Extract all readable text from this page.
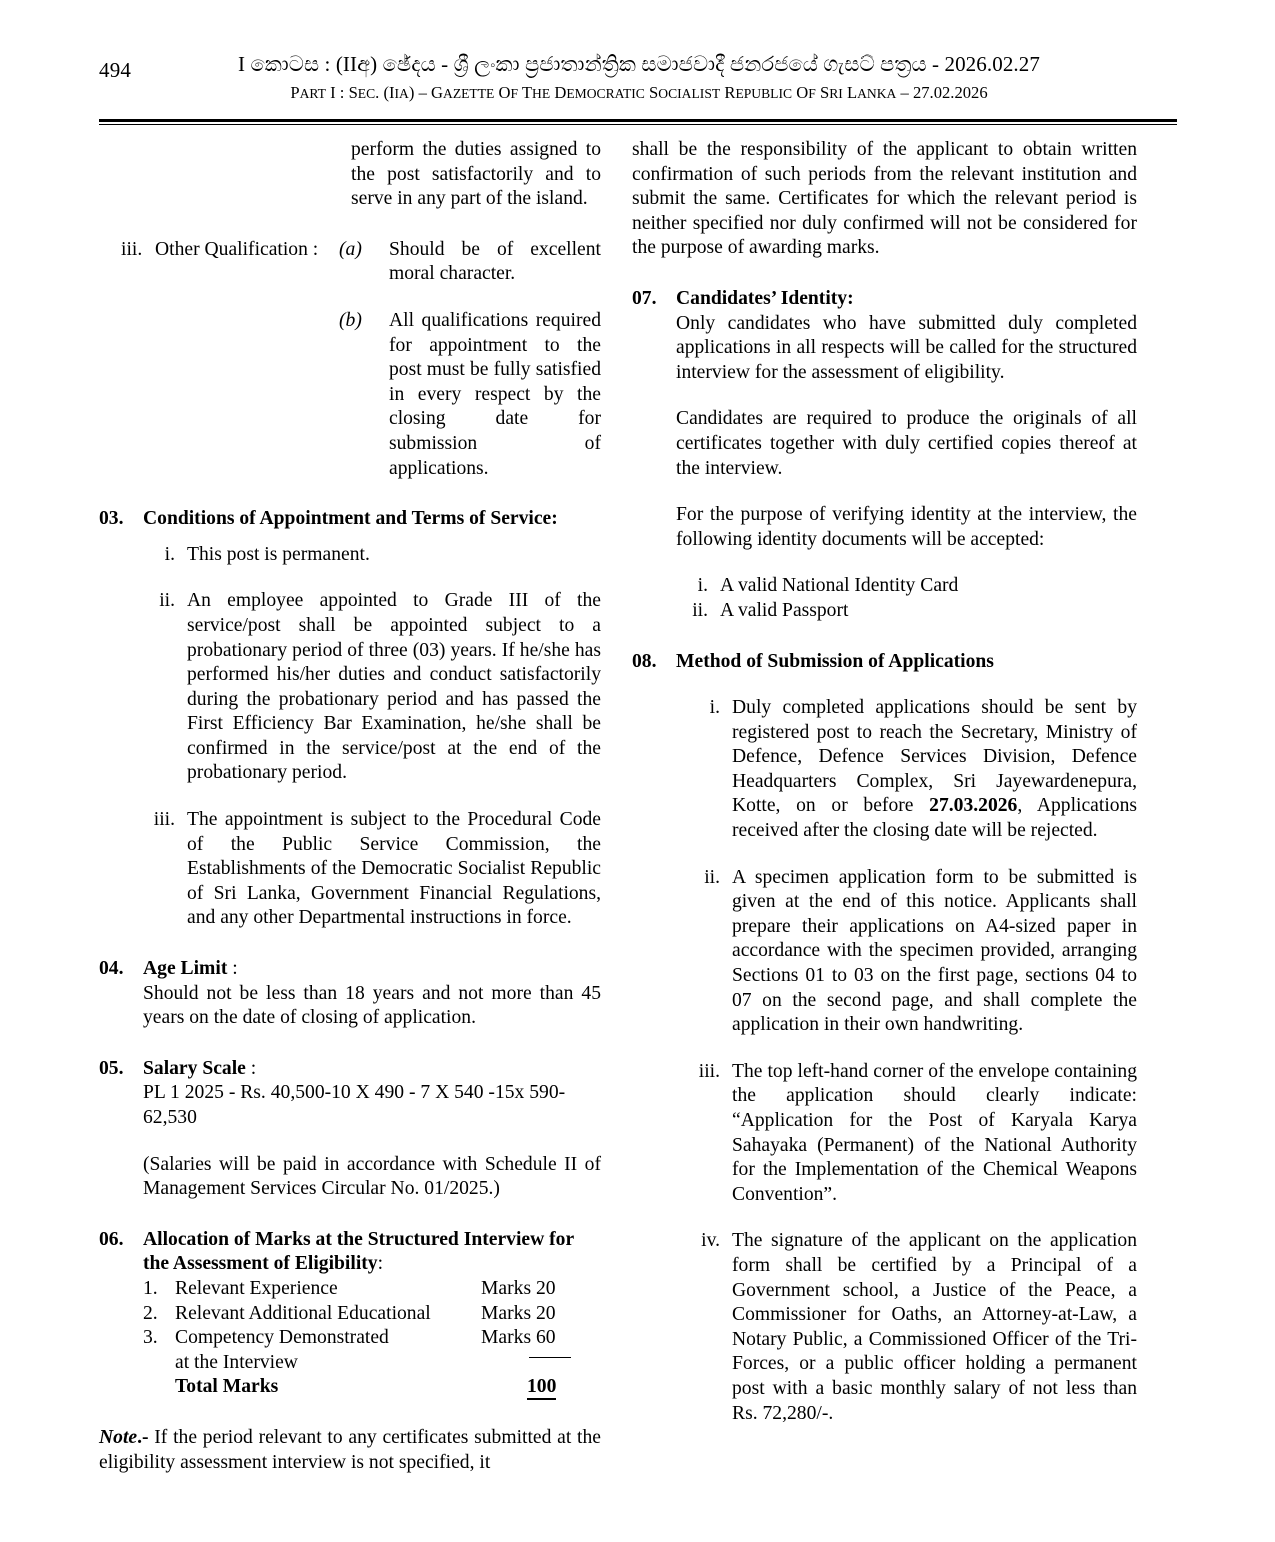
494	I කොටස : (IIඅ) ඡේදය - ශ්‍රී ලංකා ප්‍රජාතාන්ත්‍රික සමාජවාදී ජනරජයේ ගැසට් පත්‍රය - 2026.02.27
PART I : SEC. (IIA) – GAZETTE OF THE DEMOCRATIC SOCIALIST REPUBLIC OF SRI LANKA – 27.02.2026
perform the duties assigned to the post satisfactorily and to serve in any part of the island.
iii. Other Qualification :	(a)	Should be of excellent moral character.
(b)	All qualifications required for appointment to the post must be fully satisfied in every respect by the closing date for submission of applications.
03. Conditions of Appointment and Terms of Service:
i. This post is permanent.
ii. An employee appointed to Grade III of the service/post shall be appointed subject to a probationary period of three (03) years. If he/she has performed his/her duties and conduct satisfactorily during the probationary period and has passed the First Efficiency Bar Examination, he/she shall be confirmed in the service/post at the end of the probationary period.
iii. The appointment is subject to the Procedural Code of the Public Service Commission, the Establishments of the Democratic Socialist Republic of Sri Lanka, Government Financial Regulations, and any other Departmental instructions in force.
04. Age Limit :
Should not be less than 18 years and not more than 45 years on the date of closing of application.
05. Salary Scale :
PL 1 2025 - Rs. 40,500-10 X 490 - 7 X 540 -15x 590-62,530
(Salaries will be paid in accordance with Schedule II of Management Services Circular No. 01/2025.)
06. Allocation of Marks at the Structured Interview for
the Assessment of Eligibility:
1. Relevant Experience	Marks 20
2. Relevant Additional Educational	Marks 20
3. Competency Demonstrated	Marks 60
at the Interview
Total Marks	100
Note.- If the period relevant to any certificates submitted at the eligibility assessment interview is not specified, it
shall be the responsibility of the applicant to obtain written confirmation of such periods from the relevant institution and submit the same. Certificates for which the relevant period is neither specified nor duly confirmed will not be considered for the purpose of awarding marks.
07. Candidates’ Identity:
Only candidates who have submitted duly completed applications in all respects will be called for the structured interview for the assessment of eligibility.
Candidates are required to produce the originals of all certificates together with duly certified copies thereof at the interview.
For the purpose of verifying identity at the interview, the following identity documents will be accepted:
i. A valid National Identity Card
ii. A valid Passport
08. Method of Submission of Applications
i. Duly completed applications should be sent by registered post to reach the Secretary, Ministry of Defence, Defence Services Division, Defence Headquarters Complex, Sri Jayewardenepura, Kotte, on or before 27.03.2026, Applications received after the closing date will be rejected.
ii. A specimen application form to be submitted is given at the end of this notice. Applicants shall prepare their applications on A4-sized paper in accordance with the specimen provided, arranging Sections 01 to 03 on the first page, sections 04 to 07 on the second page, and shall complete the application in their own handwriting.
iii. The top left-hand corner of the envelope containing the application should clearly indicate: “Application for the Post of Karyala Karya Sahayaka (Permanent) of the National Authority for the Implementation of the Chemical Weapons Convention”.
iv. The signature of the applicant on the application form shall be certified by a Principal of a Government school, a Justice of the Peace, a Commissioner for Oaths, an Attorney-at-Law, a Notary Public, a Commissioned Officer of the Tri-Forces, or a public officer holding a permanent post with a basic monthly salary of not less than Rs. 72,280/-.
